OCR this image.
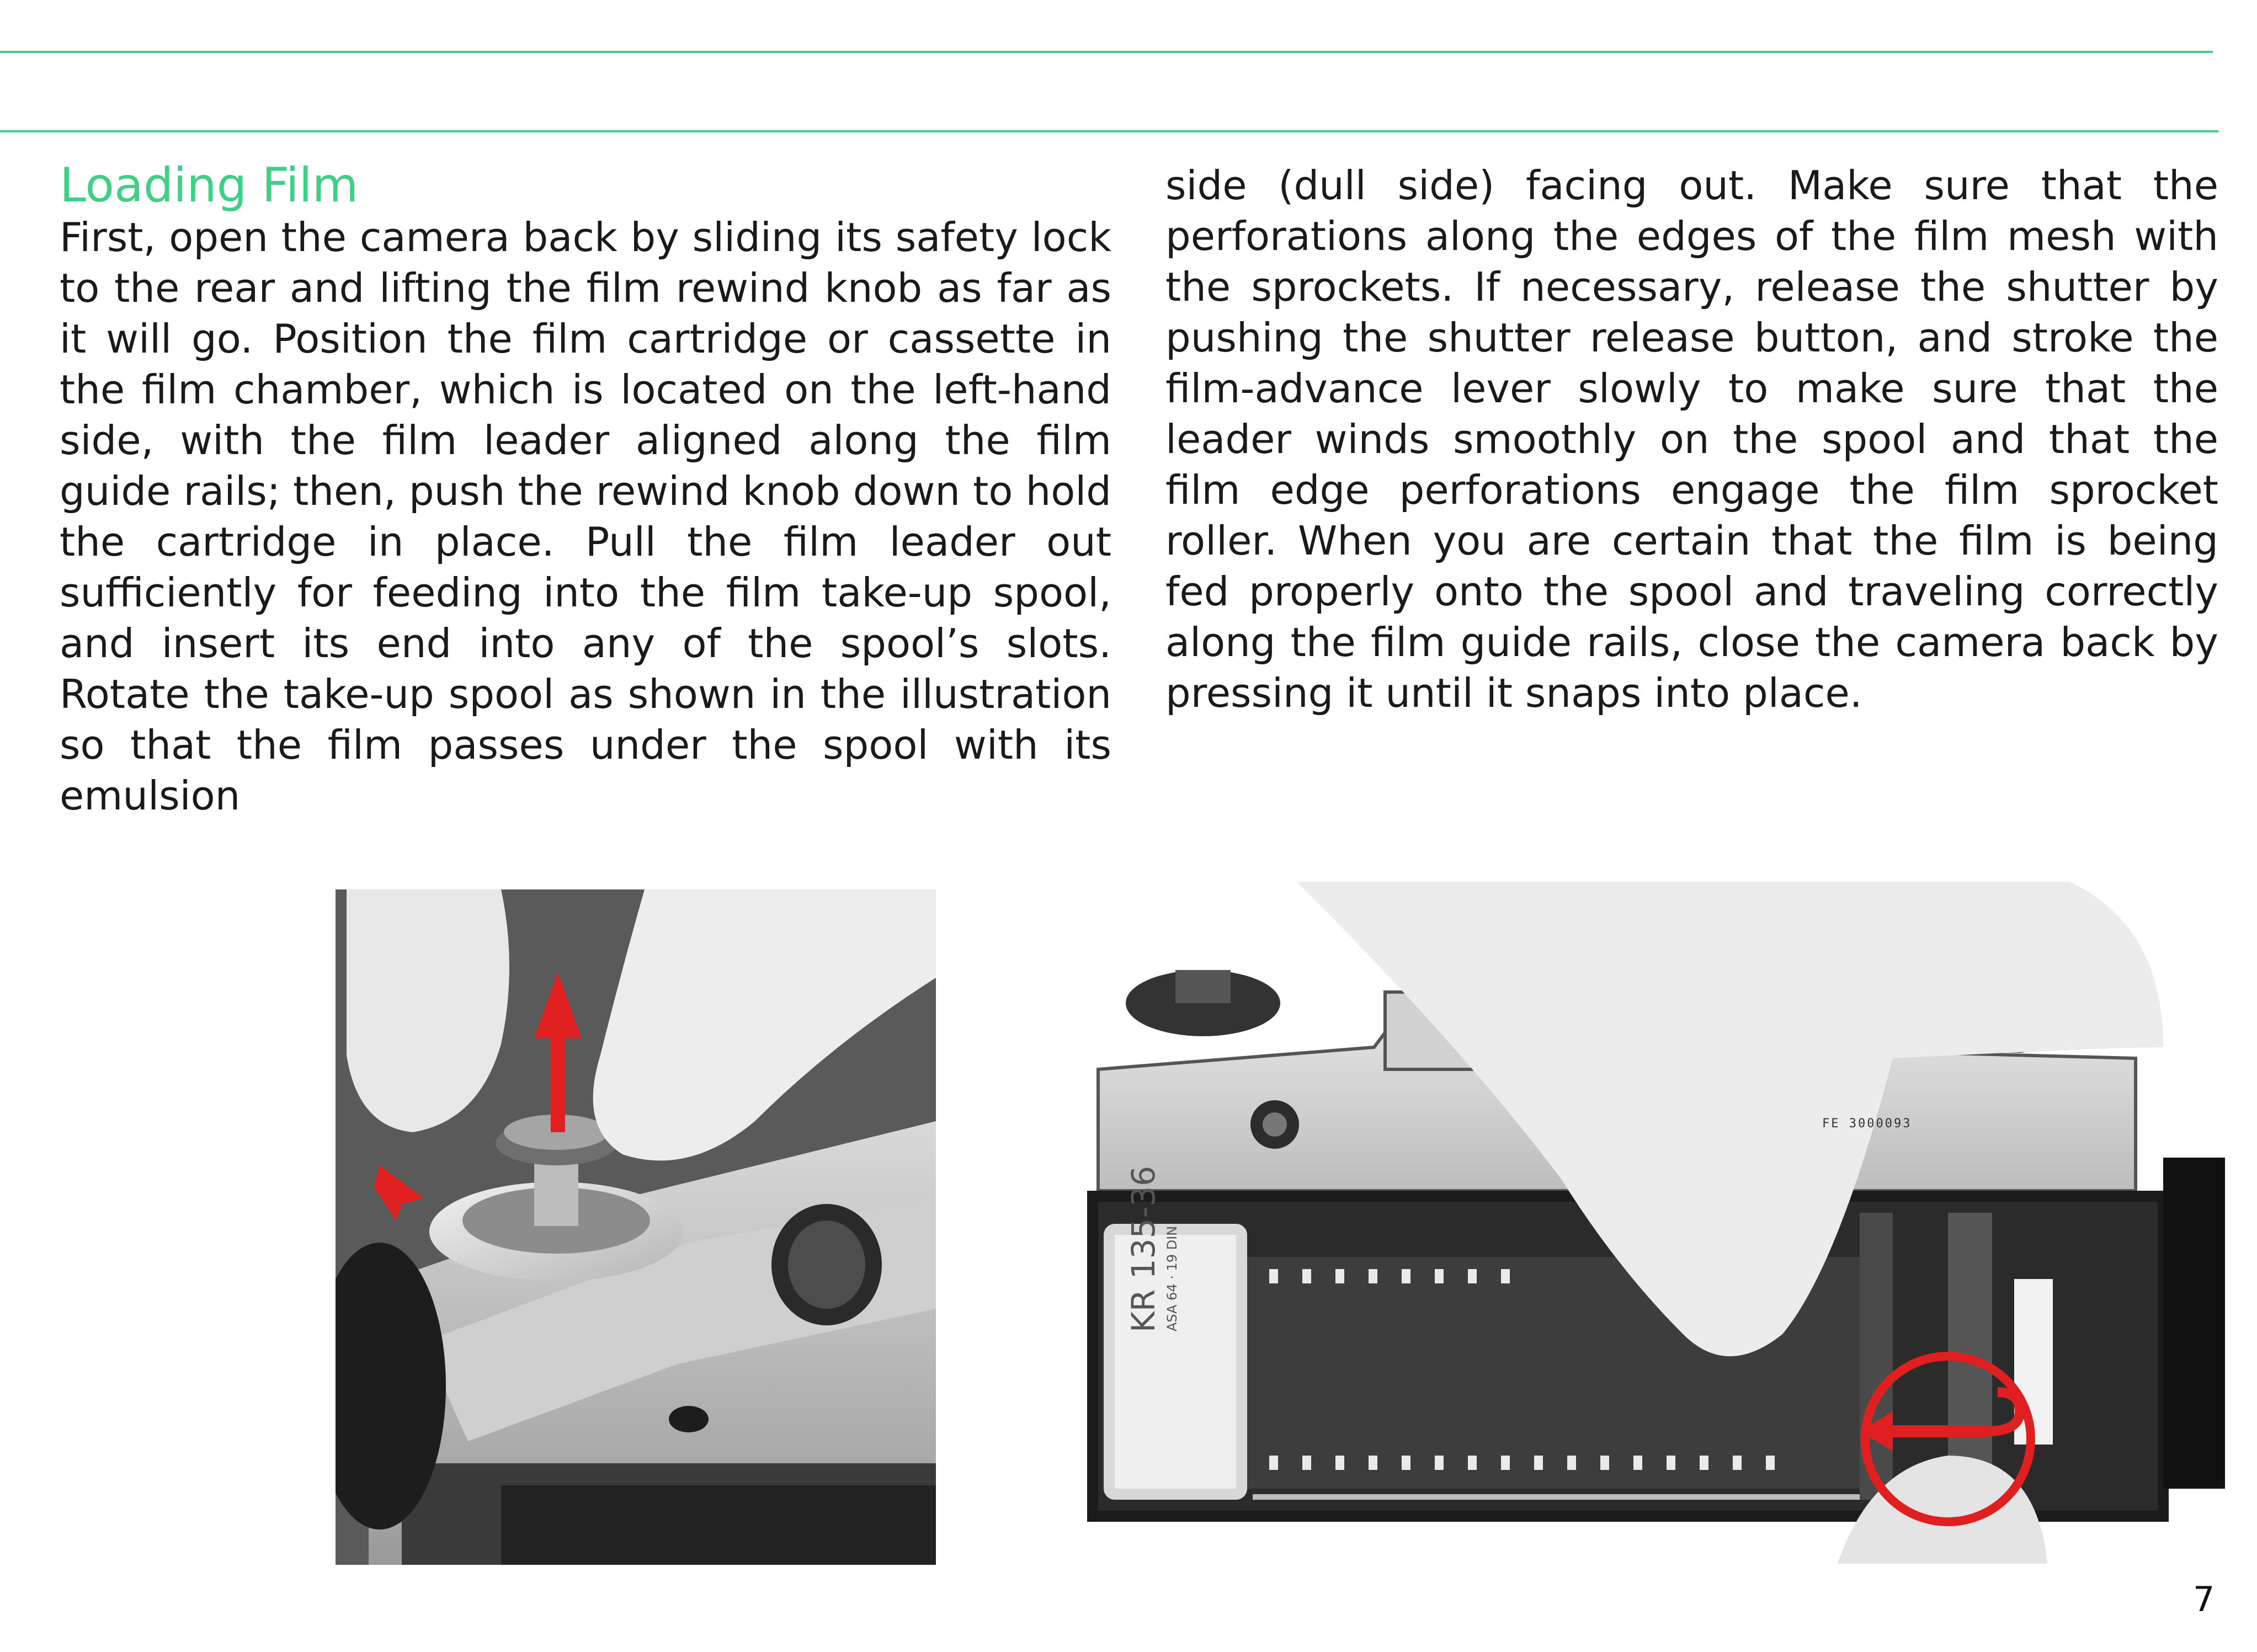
Loading Film
First, open the camera back by sliding its safety lock to the rear and lifting the film rewind knob as far as it will go. Position the film cartridge or cassette in the film chamber, which is located on the left-hand side, with the film leader aligned along the film guide rails; then, push the rewind knob down to hold the cartridge in place. Pull the film leader out sufficiently for feeding into the film take-up spool, and insert its end into any of the spool’s slots. Rotate the take-up spool as shown in the illustration so that the film passes under the spool with its emulsion
side (dull side) facing out. Make sure that the perforations along the edges of the film mesh with the sprockets. If necessary, release the shutter by pushing the shutter release button, and stroke the film-advance lever slowly to make sure that the leader winds smoothly on the spool and that the film edge perforations engage the film sprocket roller. When you are certain that the film is being fed properly onto the spool and traveling correctly along the film guide rails, close the camera back by pressing it until it snaps into place.
KR 135-36 ASA 64 · 19 DIN
FE 3000093
7
